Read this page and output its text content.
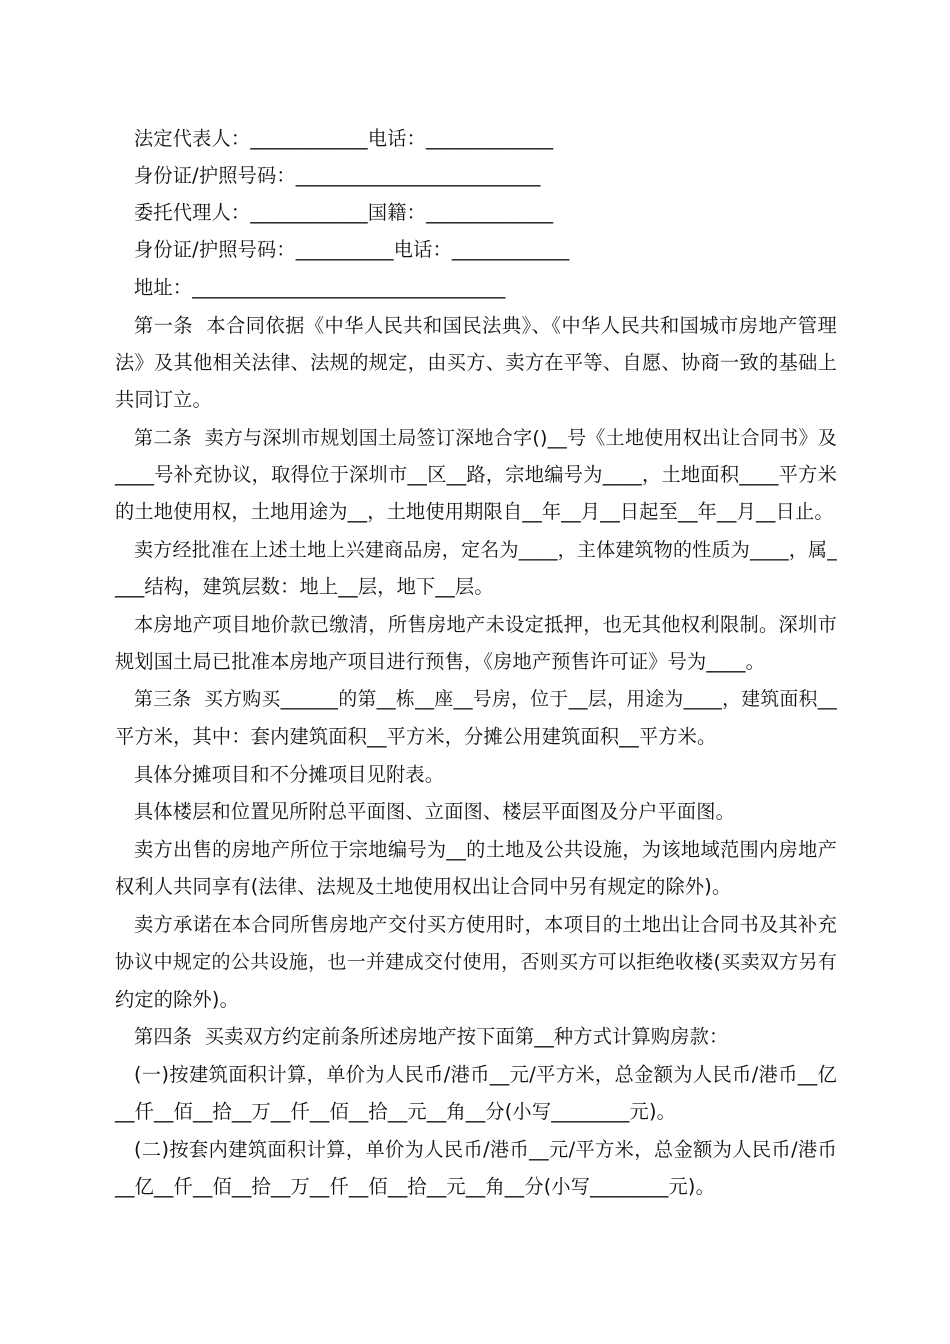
法定代表人：____________电话：_____________
身份证/护照号码：_________________________
委托代理人：____________国籍：_____________
身份证/护照号码：__________电话：____________
地址：________________________________
第一条  本合同依据《中华人民共和国民法典》、《中华人民共和国城市房地产管理
法》及其他相关法律、法规的规定，由买方、卖方在平等、自愿、协商一致的基础上
共同订立。
第二条  卖方与深圳市规划国土局签订深地合字()__号《土地使用权出让合同书》及
____号补充协议，取得位于深圳市__区__路，宗地编号为____，土地面积____平方米
的土地使用权，土地用途为__，土地使用期限自__年__月__日起至__年__月__日止。
卖方经批准在上述土地上兴建商品房，定名为____，主体建筑物的性质为____，属_
___结构，建筑层数：地上__层，地下__层。
本房地产项目地价款已缴清，所售房地产未设定抵押，也无其他权利限制。深圳市
规划国土局已批准本房地产项目进行预售，《房地产预售许可证》号为____。
第三条  买方购买______的第__栋__座__号房，位于__层，用途为____，建筑面积__
平方米，其中：套内建筑面积__平方米，分摊公用建筑面积__平方米。
具体分摊项目和不分摊项目见附表。
具体楼层和位置见所附总平面图、立面图、楼层平面图及分户平面图。
卖方出售的房地产所位于宗地编号为__的土地及公共设施，为该地域范围内房地产
权利人共同享有(法律、法规及土地使用权出让合同中另有规定的除外)。
卖方承诺在本合同所售房地产交付买方使用时，本项目的土地出让合同书及其补充
协议中规定的公共设施，也一并建成交付使用，否则买方可以拒绝收楼(买卖双方另有
约定的除外)。
第四条  买卖双方约定前条所述房地产按下面第__种方式计算购房款：
(一)按建筑面积计算，单价为人民币/港币__元/平方米，总金额为人民币/港币__亿
__仟__佰__拾__万__仟__佰__拾__元__角__分(小写________元)。
(二)按套内建筑面积计算，单价为人民币/港币__元/平方米，总金额为人民币/港币
__亿__仟__佰__拾__万__仟__佰__拾__元__角__分(小写________元)。
